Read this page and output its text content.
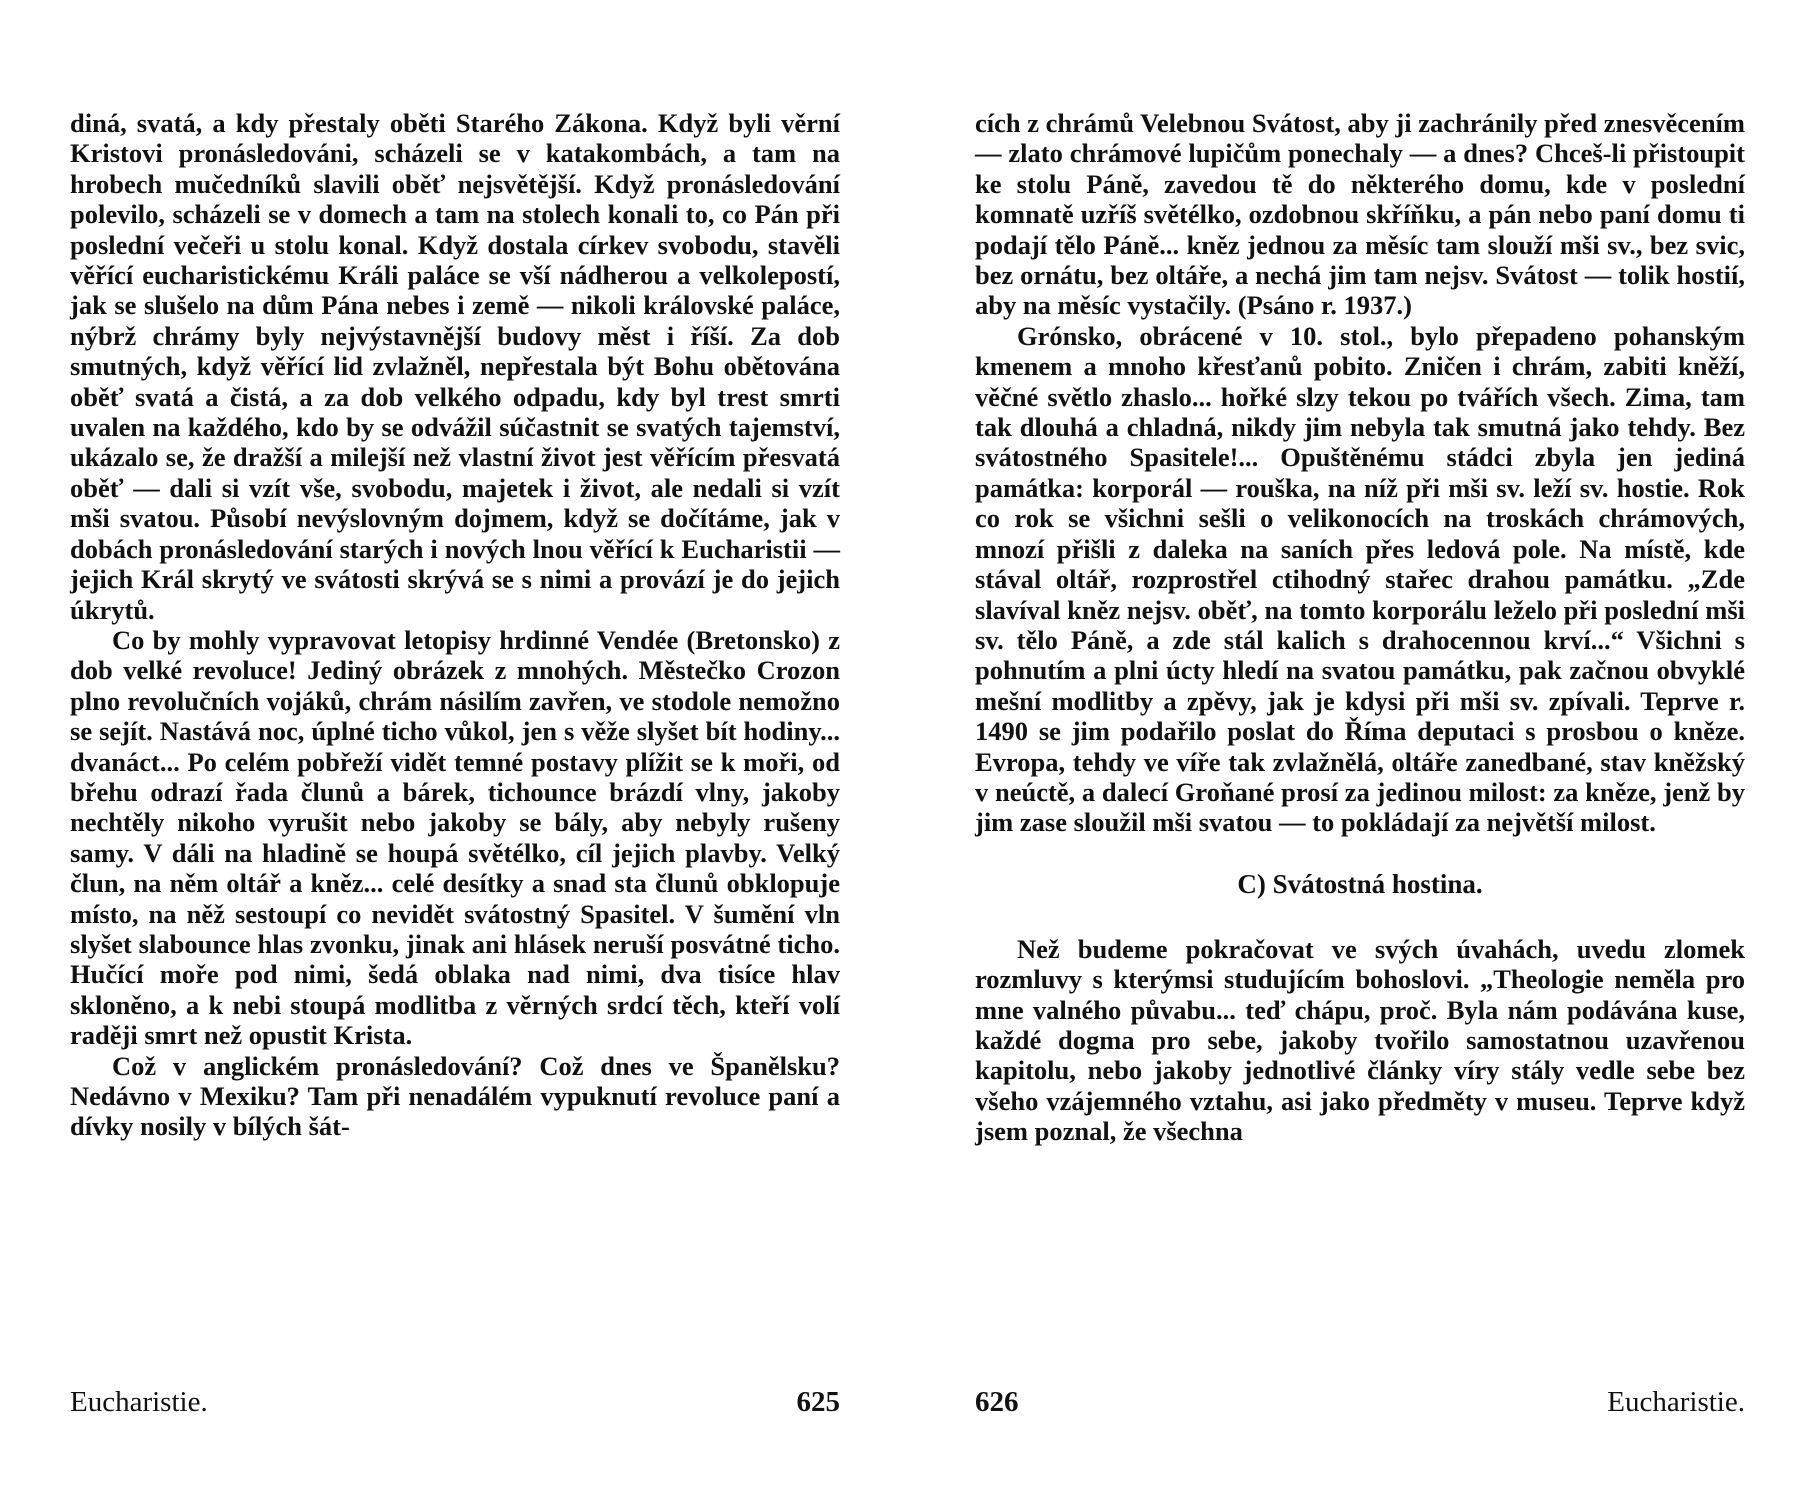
diná, svatá, a kdy přestaly oběti Starého Zákona. Když byli věrní Kristovi pronásledováni, scházeli se v katakombách, a tam na hrobech mučedníků slavili oběť nejsvětější. Když pronásledování polevilo, scházeli se v domech a tam na stolech konali to, co Pán při poslední večeři u stolu konal. Když dostala církev svobodu, stavěli věřící eucharistickému Králi paláce se vší nádherou a velkolepostí, jak se slušelo na dům Pána nebes i země — nikoli královské paláce, nýbrž chrámy byly nejvýstavnější budovy měst i říší. Za dob smutných, když věřící lid zvlažněl, nepřestala být Bohu obětována oběť svatá a čistá, a za dob velkého odpadu, kdy byl trest smrti uvalen na každého, kdo by se odvážil súčastnit se svatých tajemství, ukázalo se, že dražší a milejší než vlastní život jest věřícím přesvatá oběť — dali si vzít vše, svobodu, majetek i život, ale nedali si vzít mši svatou. Působí nevýslovným dojmem, když se dočítáme, jak v dobách pronásledování starých i nových lnou věřící k Eucharistii — jejich Král skrytý ve svátosti skrývá se s nimi a provází je do jejich úkrytů.

Co by mohly vypravovat letopisy hrdinné Vendée (Bretonsko) z dob velké revoluce! Jediný obrázek z mnohých. Městečko Crozon plno revolučních vojáků, chrám násilím zavřen, ve stodole nemožno se sejít. Nastává noc, úplné ticho vůkol, jen s věže slyšet bít hodiny... dvanáct... Po celém pobřeží vidět temné postavy plížit se k moři, od břehu odrazí řada člunů a bárek, tichounce brázdí vlny, jakoby nechtěly nikoho vyrušit nebo jakoby se bály, aby nebyly rušeny samy. V dáli na hladině se houpá světélko, cíl jejich plavby. Velký člun, na něm oltář a kněz... celé desítky a snad sta člunů obklopuje místo, na něž sestoupí co nevidět svátostný Spasitel. V šumění vln slyšet slabounce hlas zvonku, jinak ani hlásek neruší posvátné ticho. Hučící moře pod nimi, šedá oblaka nad nimi, dva tisíce hlav skloněno, a k nebi stoupá modlitba z věrných srdcí těch, kteří volí raději smrt než opustit Krista.

Což v anglickém pronásledování? Což dnes ve Španělsku? Nedávno v Mexiku? Tam při nenadálém vypuknutí revoluce paní a dívky nosily v bílých šát-

cích z chrámů Velebnou Svátost, aby ji zachránily před znesvěcením — zlato chrámové lupičům ponechaly — a dnes? Chceš-li přistoupit ke stolu Páně, zavedou tě do některého domu, kde v poslední komnatě uzříš světélko, ozdobnou skříňku, a pán nebo paní domu ti podají tělo Páně... kněz jednou za měsíc tam slouží mši sv., bez svic, bez ornátu, bez oltáře, a nechá jim tam nejsv. Svátost — tolik hostií, aby na měsíc vystačily. (Psáno r. 1937.)

Grónsko, obrácené v 10. stol., bylo přepadeno pohanským kmenem a mnoho křesťanů pobito. Zničen i chrám, zabiti kněží, věčné světlo zhaslo... hořké slzy tekou po tvářích všech. Zima, tam tak dlouhá a chladná, nikdy jim nebyla tak smutná jako tehdy. Bez svátostného Spasitele!... Opuštěnému stádci zbyla jen jediná památka: korporál — rouška, na níž při mši sv. leží sv. hostie. Rok co rok se všichni sešli o velikonocích na troskách chrámových, mnozí přišli z daleka na saních přes ledová pole. Na místě, kde stával oltář, rozprostřel ctihodný stařec drahou památku. „Zde slavíval kněz nejsv. oběť, na tomto korporálu leželo při poslední mši sv. tělo Páně, a zde stál kalich s drahocennou krví...“ Všichni s pohnutím a plni úcty hledí na svatou památku, pak začnou obvyklé mešní modlitby a zpěvy, jak je kdysi při mši sv. zpívali. Teprve r. 1490 se jim podařilo poslat do Říma deputaci s prosbou o kněze. Evropa, tehdy ve víře tak zvlažnělá, oltáře zanedbané, stav kněžský v neúctě, a dalecí Groňané prosí za jedinou milost: za kněze, jenž by jim zase sloužil mši svatou — to pokládají za největší milost.

C) Svátostná hostina.

Než budeme pokračovat ve svých úvahách, uvedu zlomek rozmluvy s kterýmsi studujícím bohoslovi. „Theologie neměla pro mne valného půvabu... teď chápu, proč. Byla nám podávána kuse, každé dogma pro sebe, jakoby tvořilo samostatnou uzavřenou kapitolu, nebo jakoby jednotlivé články víry stály vedle sebe bez všeho vzájemného vztahu, asi jako předměty v museu. Teprve když jsem poznal, že všechna

Eucharistie.	625	626	Eucharistie.
